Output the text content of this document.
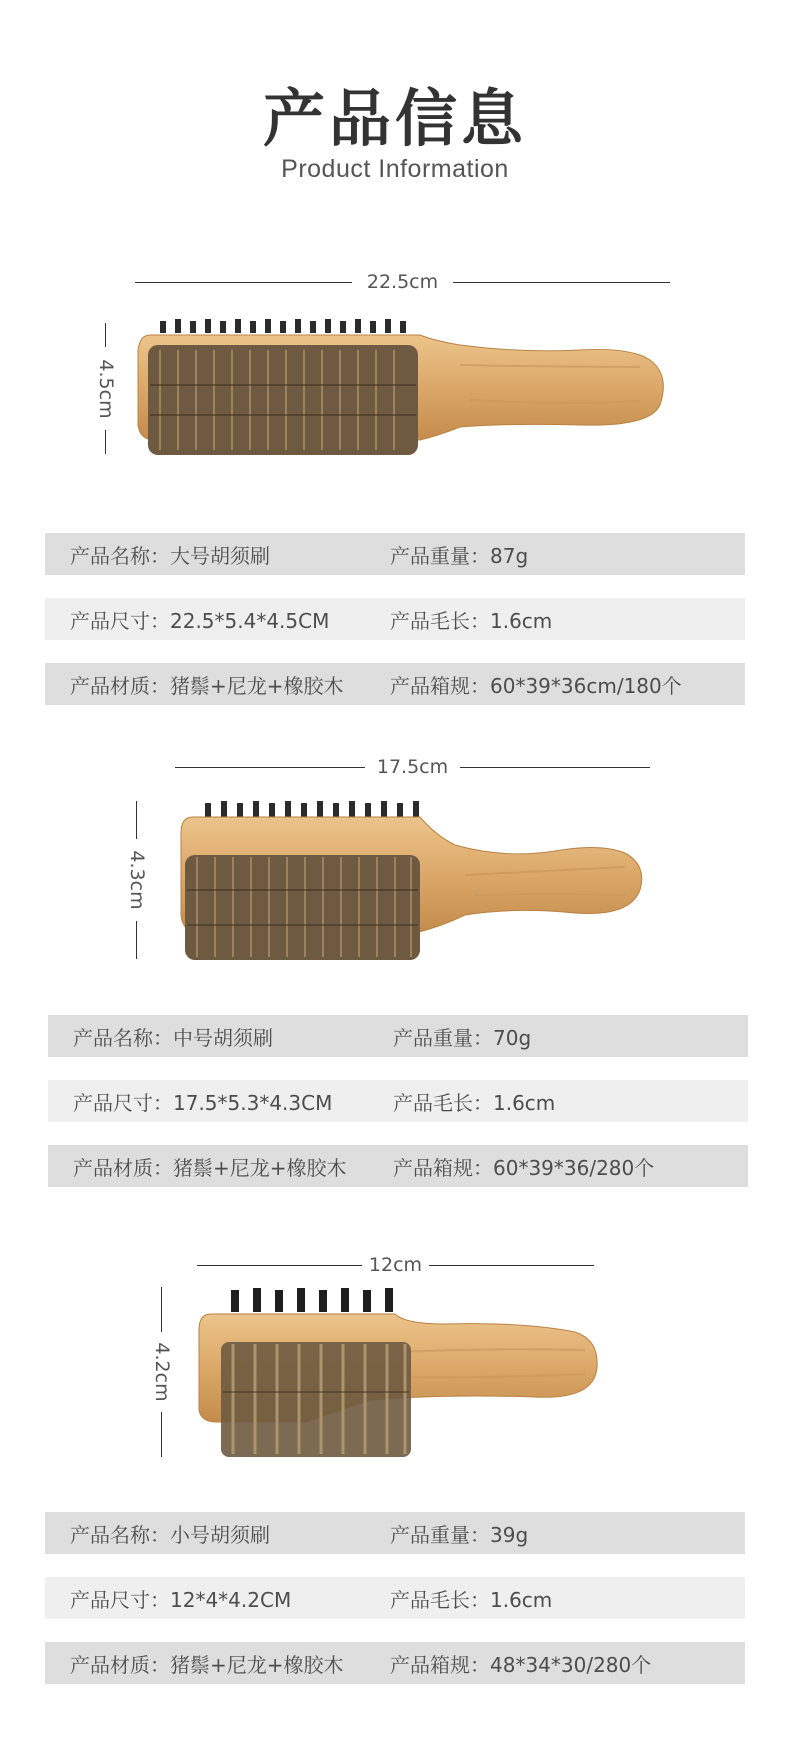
产品信息
Product Information
22.5cm
4.5cm
产品名称：大号胡须刷	产品重量：87g
产品尺寸：22.5*5.4*4.5CM	产品毛长：1.6cm
产品材质：猪鬃+尼龙+橡胶木 产品箱规：60*39*36cm/180个
17.5cm
4.3cm
产品名称：中号胡须刷	产品重量：70g
产品尺寸：17.5*5.3*4.3CM	产品毛长：1.6cm
产品材质：猪鬃+尼龙+橡胶木 产品箱规：60*39*36/280个
12cm
4.2cm
产品名称：小号胡须刷	产品重量：39g
产品尺寸：12*4*4.2CM	产品毛长：1.6cm
产品材质：猪鬃+尼龙+橡胶木 产品箱规：48*34*30/280个
